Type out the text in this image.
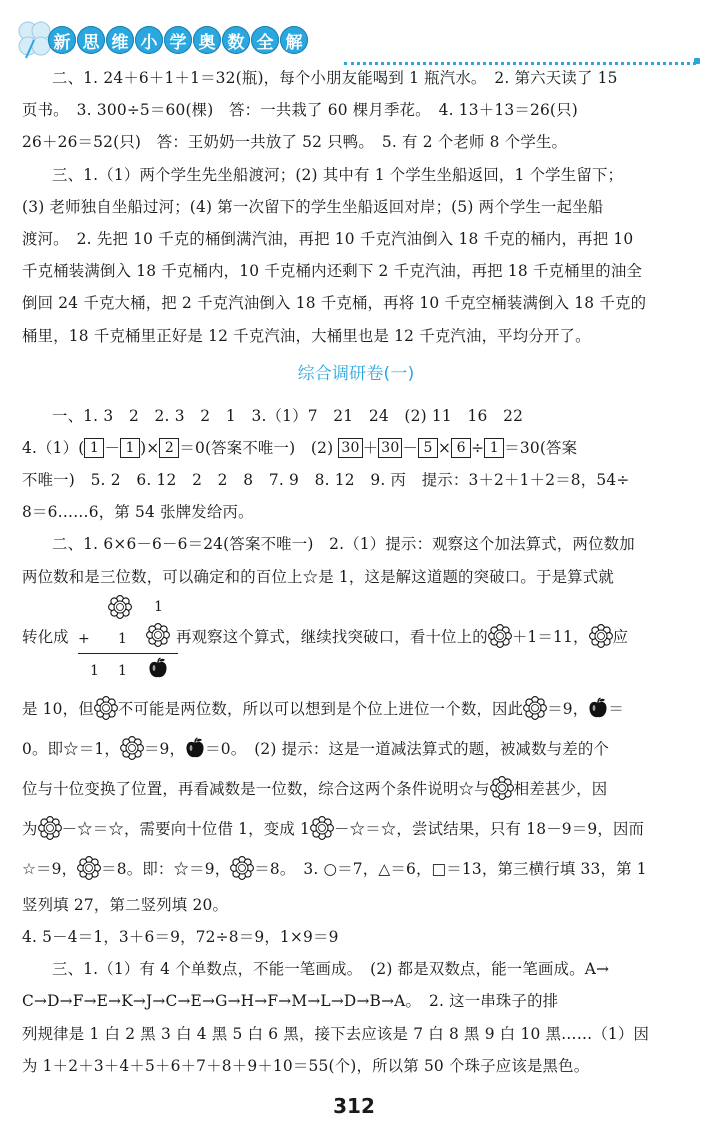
新 思 维 小 学 奥 数 全 解
二、1. 24＋6＋1＋1＝32(瓶)，每个小朋友能喝到 1 瓶汽水。　2. 第六天读了 15
页书。　3. 300÷5＝60(棵)　答：一共栽了 60 棵月季花。　4. 13＋13＝26(只)
26＋26＝52(只)　答：王奶奶一共放了 52 只鸭。　5. 有 2 个老师 8 个学生。
三、1.（1）两个学生先坐船渡河；(2) 其中有 1 个学生坐船返回，1 个学生留下；
(3) 老师独自坐船过河；(4) 第一次留下的学生坐船返回对岸；(5) 两个学生一起坐船
渡河。　2. 先把 10 千克的桶倒满汽油，再把 10 千克汽油倒入 18 千克的桶内，再把 10
千克桶装满倒入 18 千克桶内，10 千克桶内还剩下 2 千克汽油，再把 18 千克桶里的油全
倒回 24 千克大桶，把 2 千克汽油倒入 18 千克桶，再将 10 千克空桶装满倒入 18 千克的
桶里，18 千克桶里正好是 12 千克汽油，大桶里也是 12 千克汽油，平均分开了。
综合调研卷(一)
一、1. 3　2　2. 3　2　1　3.（1）7　21　24　(2) 11　16　22
4.（1）( 1 － 1 )× 2 ＝0(答案不唯一)　(2) 30 ＋ 30 － 5 × 6 ÷ 1 ＝30(答案
不唯一)　5. 2　6. 12　2　2　8　7. 9　8. 12　9. 丙　提示：3＋2＋1＋2＝8，54÷
8＝6……6，第 54 张牌发给丙。
二、1. 6×6－6－6＝24(答案不唯一)　2.（1）提示：观察这个加法算式，两位数加
两位数和是三位数，可以确定和的百位上☆是 1，这是解这道题的突破口。于是算式就
转化成
1
+ 1
1 1
再观察这个算式，继续找突破口，看十位上的 ＋1＝11， 应
是 10，但 不可能是两位数，所以可以想到是个位上进位一个数，因此 ＝9， ＝
0。即☆＝1， ＝9， ＝0。　(2) 提示：这是一道减法算式的题，被减数与差的个
位与十位变换了位置，再看减数是一位数，综合这两个条件说明☆与 相差甚少，因
为 －☆＝☆，需要向十位借 1，变成 1 －☆＝☆，尝试结果，只有 18－9＝9，因而
☆＝9， ＝8。即：☆＝9， ＝8。　3. ○＝7，△＝6，□＝13，第三横行填 33，第 1
竖列填 27，第二竖列填 20。
4. 5－4＝1，3＋6＝9，72÷8＝9，1×9＝9
三、1.（1）有 4 个单数点，不能一笔画成。　(2) 都是双数点，能一笔画成。A→
C→D→F→E→K→J→C→E→G→H→F→M→L→D→B→A。　2. 这一串珠子的排
列规律是 1 白 2 黑 3 白 4 黑 5 白 6 黑，接下去应该是 7 白 8 黑 9 白 10 黑……（1）因
为 1＋2＋3＋4＋5＋6＋7＋8＋9＋10＝55(个)，所以第 50 个珠子应该是黑色。
312
